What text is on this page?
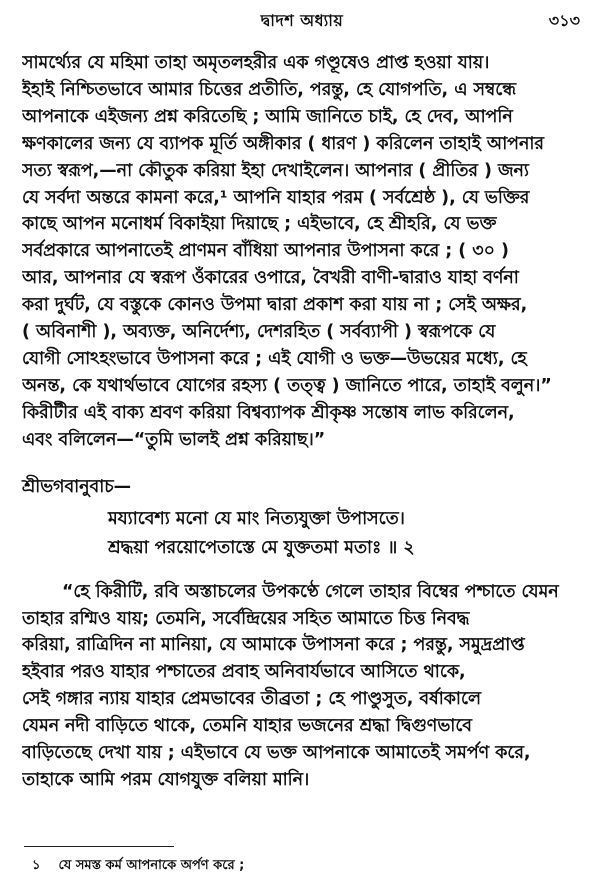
দ্বাদশ অধ্যায়	৩১৩

সামর্থ্যের যে মহিমা তাহা অমৃতলহরীর এক গণ্ডূষেও প্রাপ্ত হওয়া যায়।
ইহাই নিশ্চিতভাবে আমার চিত্তের প্রতীতি, পরন্তু, হে যোগপতি, এ সম্বন্ধে
আপনাকে এইজন্য প্রশ্ন করিতেছি ; আমি জানিতে চাই, হে দেব, আপনি
ক্ষণকালের জন্য যে ব্যাপক মূর্তি অঙ্গীকার ( ধারণ ) করিলেন তাহাই আপনার
সত্য স্বরূপ,—না কৌতুক করিয়া ইহা দেখাইলেন। আপনার ( প্রীতির ) জন্য
যে সর্বদা অন্তরে কামনা করে,¹ আপনি যাহার পরম ( সর্বশ্রেষ্ঠ ), যে ভক্তির
কাছে আপন মনোধর্ম বিকাইয়া দিয়াছে ; এইভাবে, হে শ্রীহরি, যে ভক্ত
সর্বপ্রকারে আপনাতেই প্রাণমন বাঁধিয়া আপনার উপাসনা করে ; ( ৩০ )
আর, আপনার যে স্বরূপ ওঁকারের ওপারে, বৈখরী বাণী-দ্বারাও যাহা বর্ণনা
করা দুর্ঘট, যে বস্তুকে কোনও উপমা দ্বারা প্রকাশ করা যায় না ; সেই অক্ষর,
( অবিনাশী ), অব্যক্ত, অনির্দেশ্য, দেশরহিত ( সর্বব্যাপী ) স্বরূপকে যে
যোগী সোঽহংভাবে উপাসনা করে ; এই যোগী ও ভক্ত—উভয়ের মধ্যে, হে
অনন্ত, কে যথার্থভাবে যোগের রহস্য ( তত্ত্ব ) জানিতে পারে, তাহাই বলুন।”
কিরীটীর এই বাক্য শ্রবণ করিয়া বিশ্বব্যাপক শ্রীকৃষ্ণ সন্তোষ লাভ করিলেন,
এবং বলিলেন—“তুমি ভালই প্রশ্ন করিয়াছ।”

শ্রীভগবানুবাচ—
ময্যাবেশ্য মনো যে মাং নিত্যযুক্তা উপাসতে।
শ্রদ্ধয়া পরয়োপেতাস্তে মে যুক্ততমা মতাঃ ॥ ২

“হে কিরীটি, রবি অস্তাচলের উপকণ্ঠে গেলে তাহার বিম্বের পশ্চাতে যেমন
তাহার রশ্মিও যায়; তেমনি, সর্বেন্দ্রিয়ের সহিত আমাতে চিত্ত নিবদ্ধ
করিয়া, রাত্রিদিন না মানিয়া, যে আমাকে উপাসনা করে ; পরন্তু, সমুদ্রপ্রাপ্ত
হইবার পরও যাহার পশ্চাতের প্রবাহ অনিবার্যভাবে আসিতে থাকে,
সেই গঙ্গার ন্যায় যাহার প্রেমভাবের তীব্রতা ; হে পাণ্ডুসুত, বর্ষাকালে
যেমন নদী বাড়িতে থাকে, তেমনি যাহার ভজনের শ্রদ্ধা দ্বিগুণভাবে
বাড়িতেছে দেখা যায় ; এইভাবে যে ভক্ত আপনাকে আমাতেই সমর্পণ করে,
তাহাকে আমি পরম যোগযুক্ত বলিয়া মানি।

১ যে সমস্ত কর্ম আপনাকে অর্পণ করে ;
